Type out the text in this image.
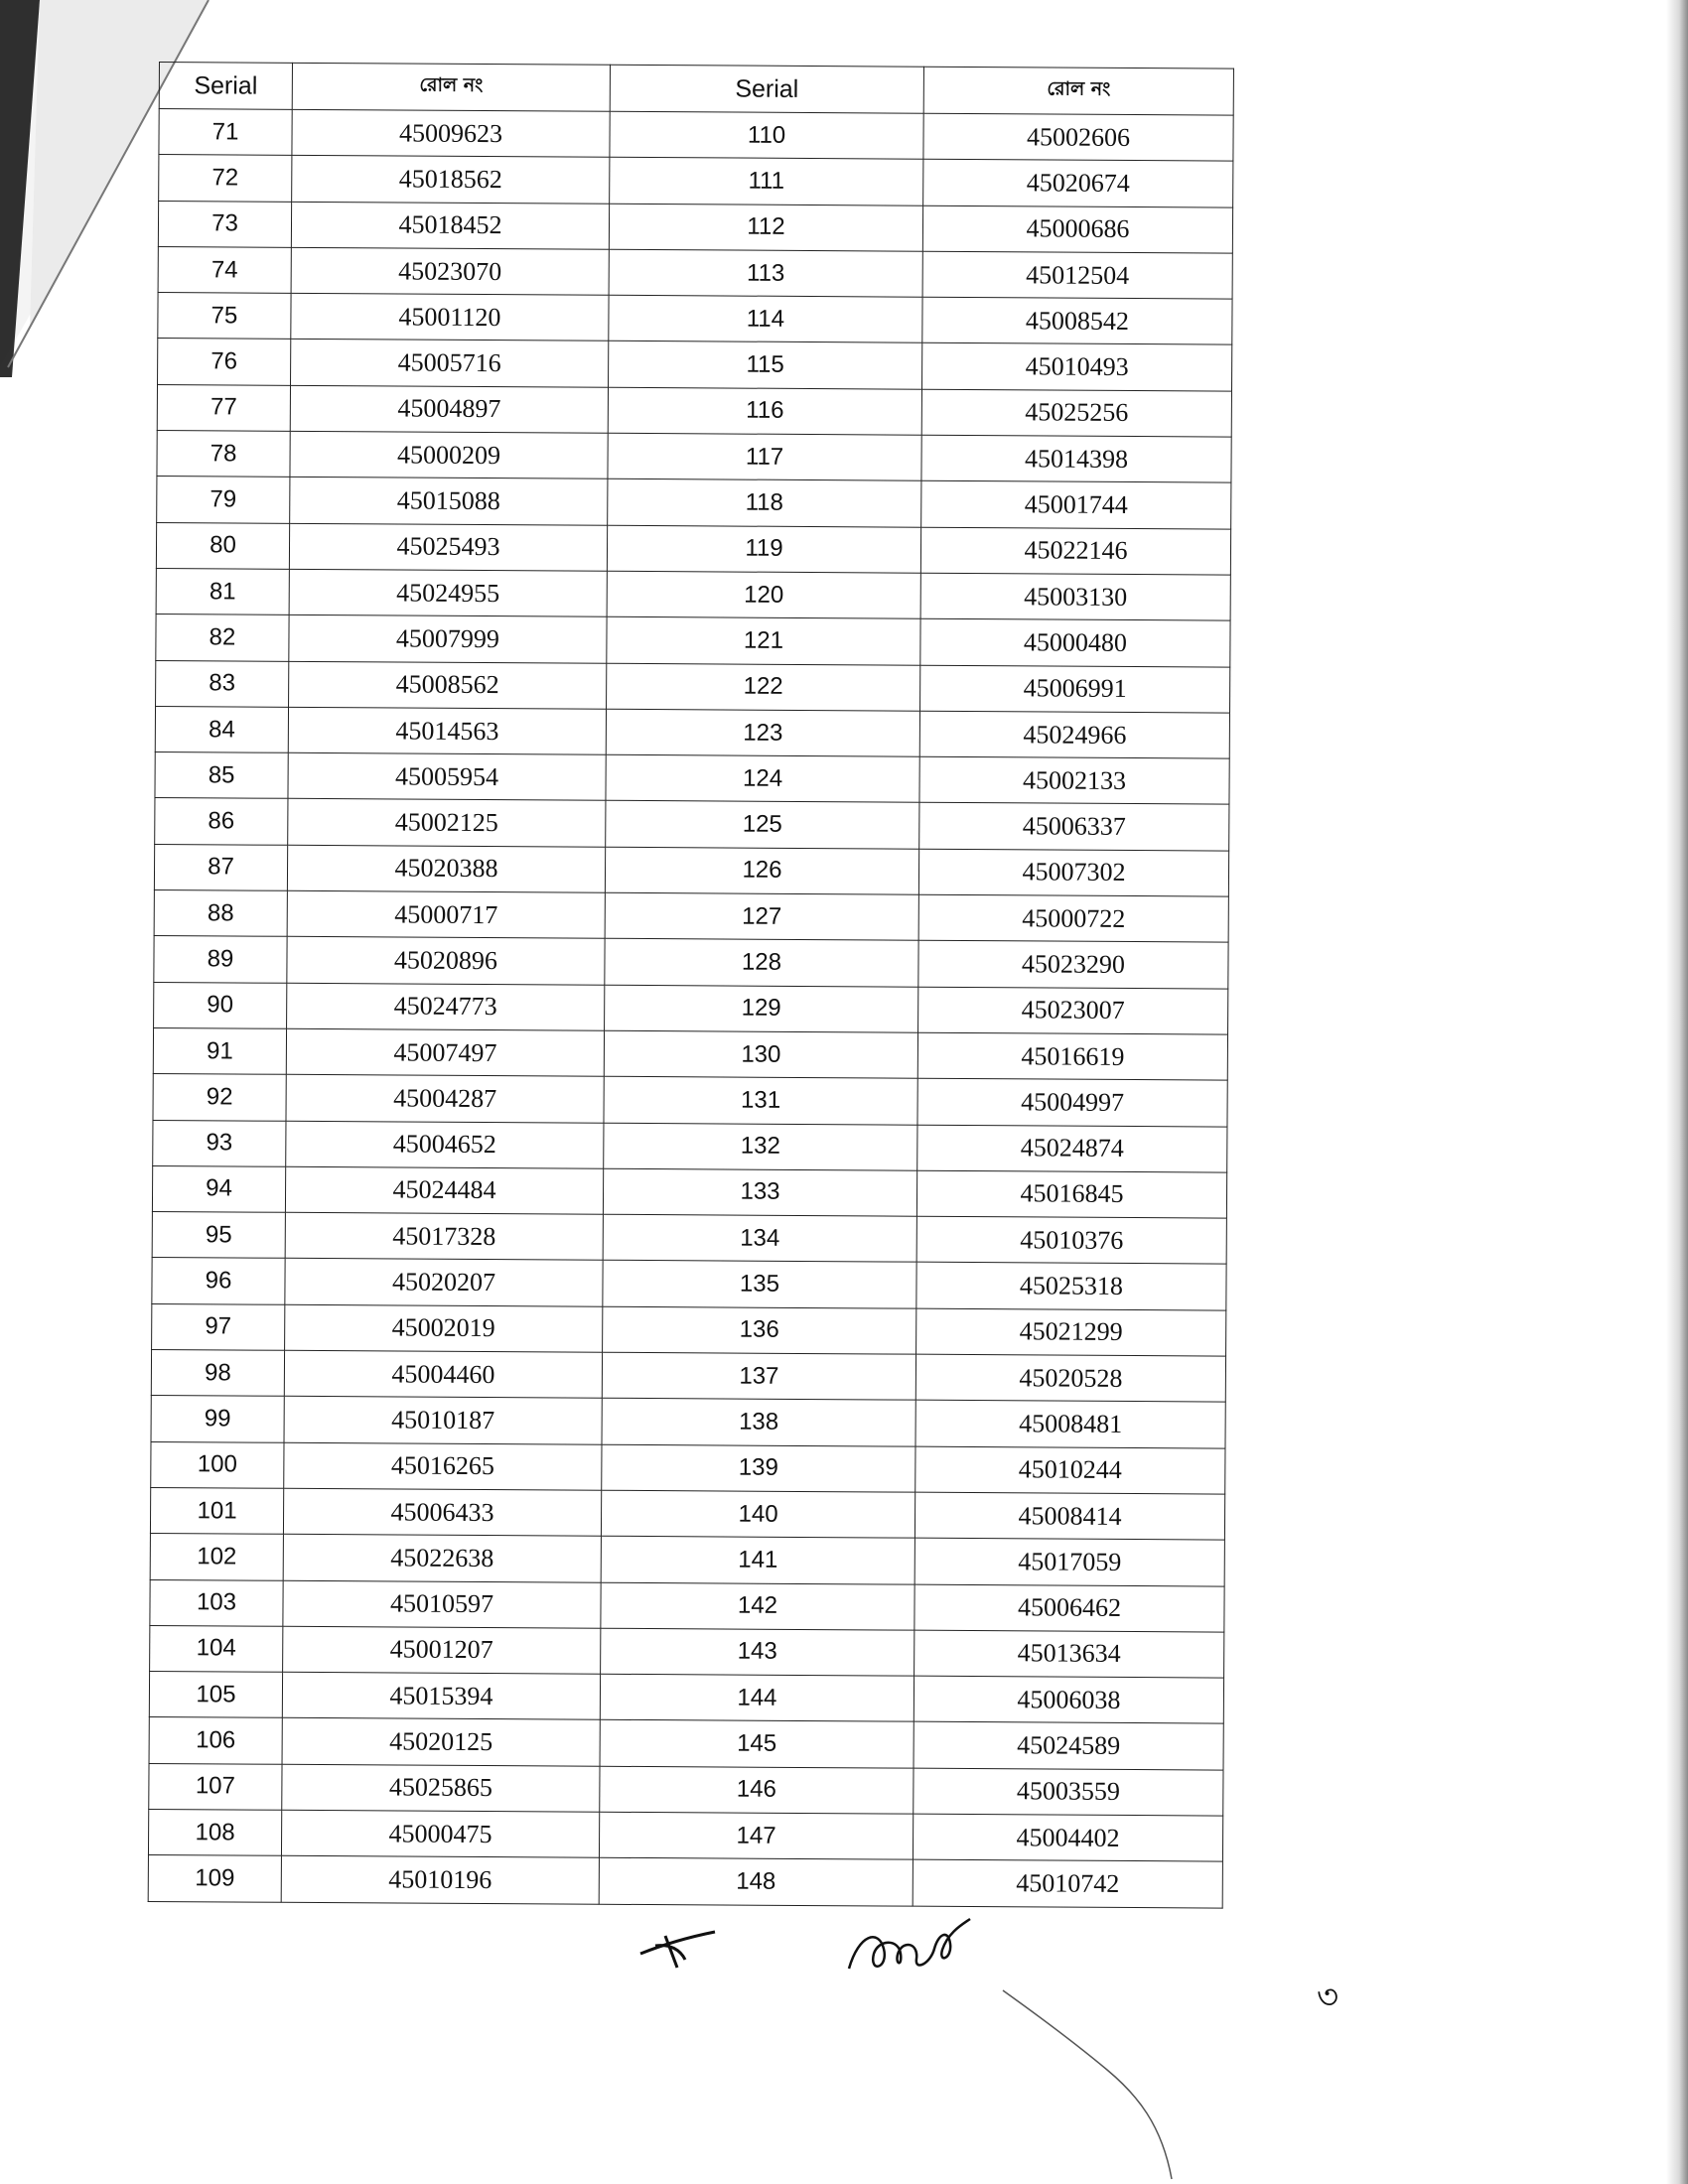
Serial	রোল নং	Serial	রোল নং
71	45009623	110	45002606
72	45018562	111	45020674
73	45018452	112	45000686
74	45023070	113	45012504
75	45001120	114	45008542
76	45005716	115	45010493
77	45004897	116	45025256
78	45000209	117	45014398
79	45015088	118	45001744
80	45025493	119	45022146
81	45024955	120	45003130
82	45007999	121	45000480
83	45008562	122	45006991
84	45014563	123	45024966
85	45005954	124	45002133
86	45002125	125	45006337
87	45020388	126	45007302
88	45000717	127	45000722
89	45020896	128	45023290
90	45024773	129	45023007
91	45007497	130	45016619
92	45004287	131	45004997
93	45004652	132	45024874
94	45024484	133	45016845
95	45017328	134	45010376
96	45020207	135	45025318
97	45002019	136	45021299
98	45004460	137	45020528
99	45010187	138	45008481
100	45016265	139	45010244
101	45006433	140	45008414
102	45022638	141	45017059
103	45010597	142	45006462
104	45001207	143	45013634
105	45015394	144	45006038
106	45020125	145	45024589
107	45025865	146	45003559
108	45000475	147	45004402
109	45010196	148	45010742
৩
